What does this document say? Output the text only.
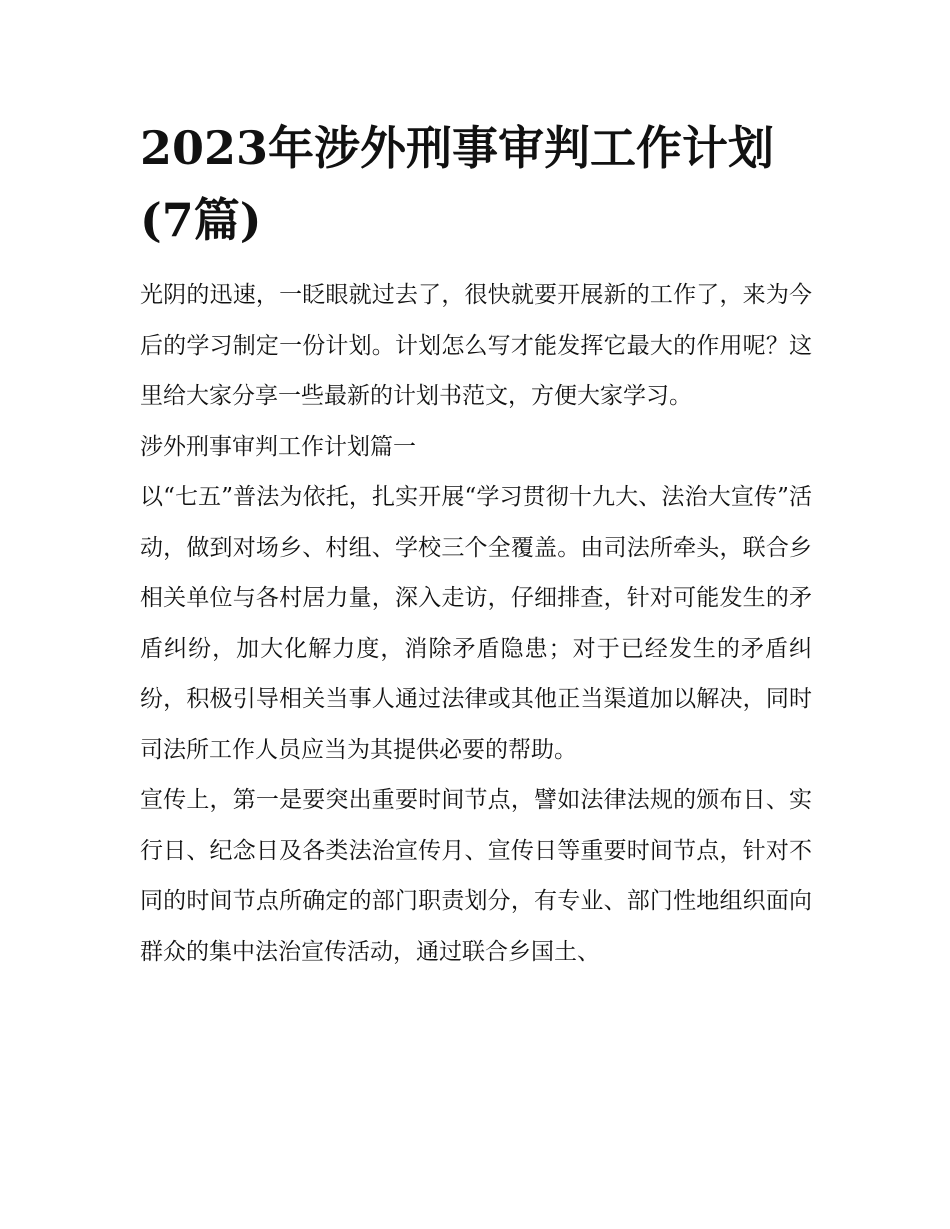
2023年涉外刑事审判工作计划(7篇)

光阴的迅速，一眨眼就过去了，很快就要开展新的工作了，来为今后的学习制定一份计划。计划怎么写才能发挥它最大的作用呢？这里给大家分享一些最新的计划书范文，方便大家学习。

涉外刑事审判工作计划篇一

以“七五”普法为依托，扎实开展“学习贯彻十九大、法治大宣传”活动，做到对场乡、村组、学校三个全覆盖。由司法所牵头，联合乡相关单位与各村居力量，深入走访，仔细排查，针对可能发生的矛盾纠纷，加大化解力度，消除矛盾隐患；对于已经发生的矛盾纠纷，积极引导相关当事人通过法律或其他正当渠道加以解决，同时司法所工作人员应当为其提供必要的帮助。

宣传上，第一是要突出重要时间节点，譬如法律法规的颁布日、实行日、纪念日及各类法治宣传月、宣传日等重要时间节点，针对不同的时间节点所确定的部门职责划分，有专业、部门性地组织面向群众的集中法治宣传活动，通过联合乡国土、
